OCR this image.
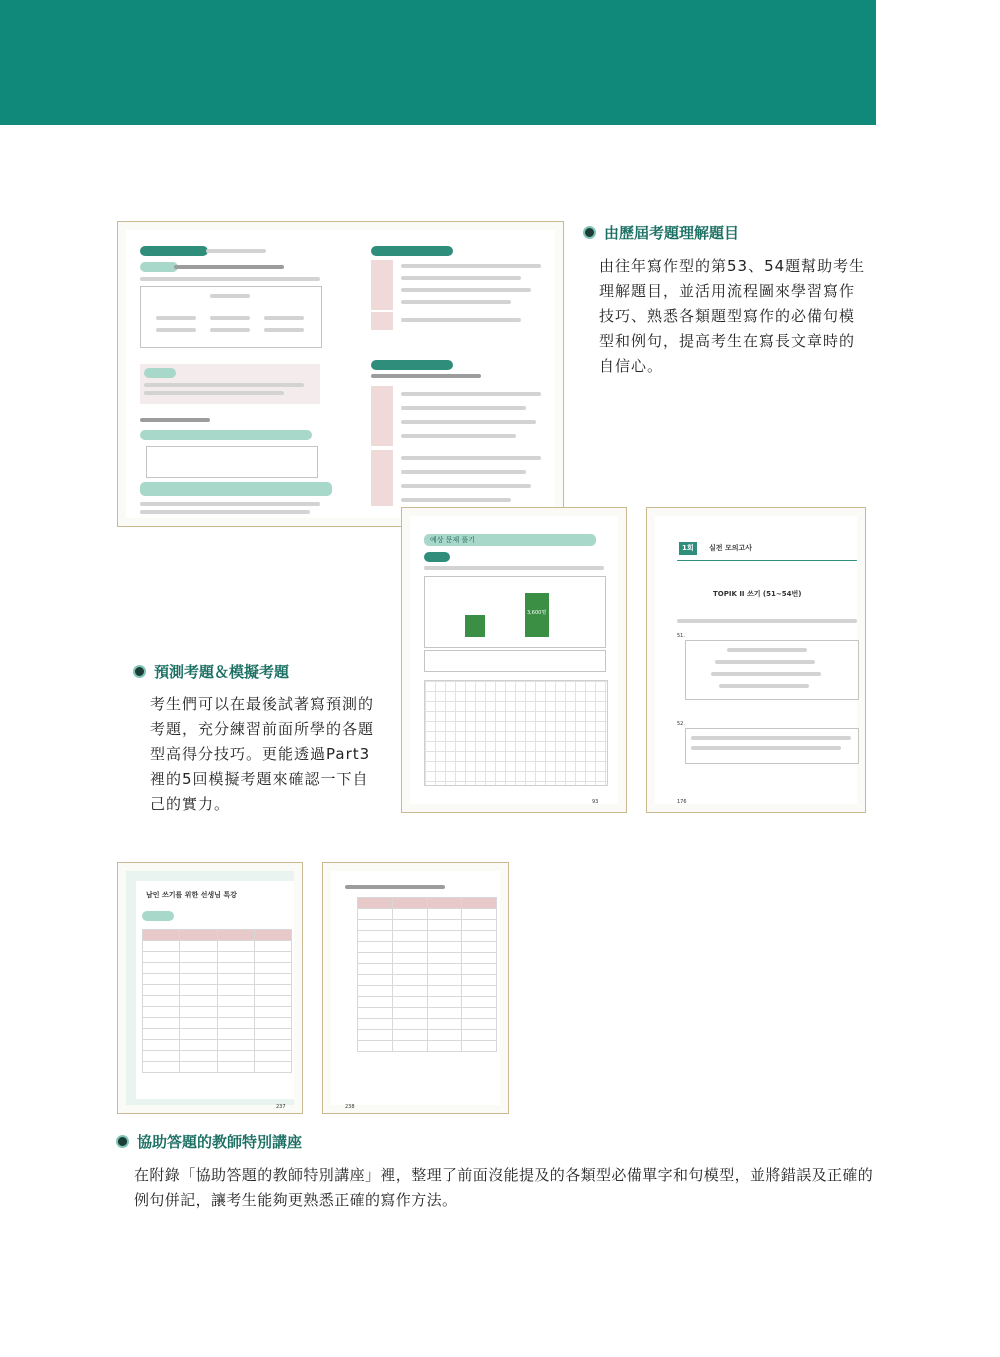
由歷屆考題理解題目
由往年寫作型的第53、54題幫助考生理解題目，並活用流程圖來學習寫作技巧、熟悉各類題型寫作的必備句模型和例句，提高考生在寫長文章時的自信心。
예상 문제 풀기
3,600명
93
1회	실전 모의고사
TOPIK II 쓰기 (51~54번)
51.
52.
176
預測考題＆模擬考題
考生們可以在最後試著寫預測的考題，充分練習前面所學的各題型高得分技巧。更能透過Part3裡的5回模擬考題來確認一下自己的實力。
남인 쓰기를 위한 선생님 특강

237

				238
協助答題的教師特別講座
在附錄「協助答題的教師特別講座」裡，整理了前面沒能提及的各類型必備單字和句模型，並將錯誤及正確的例句併記，讓考生能夠更熟悉正確的寫作方法。
